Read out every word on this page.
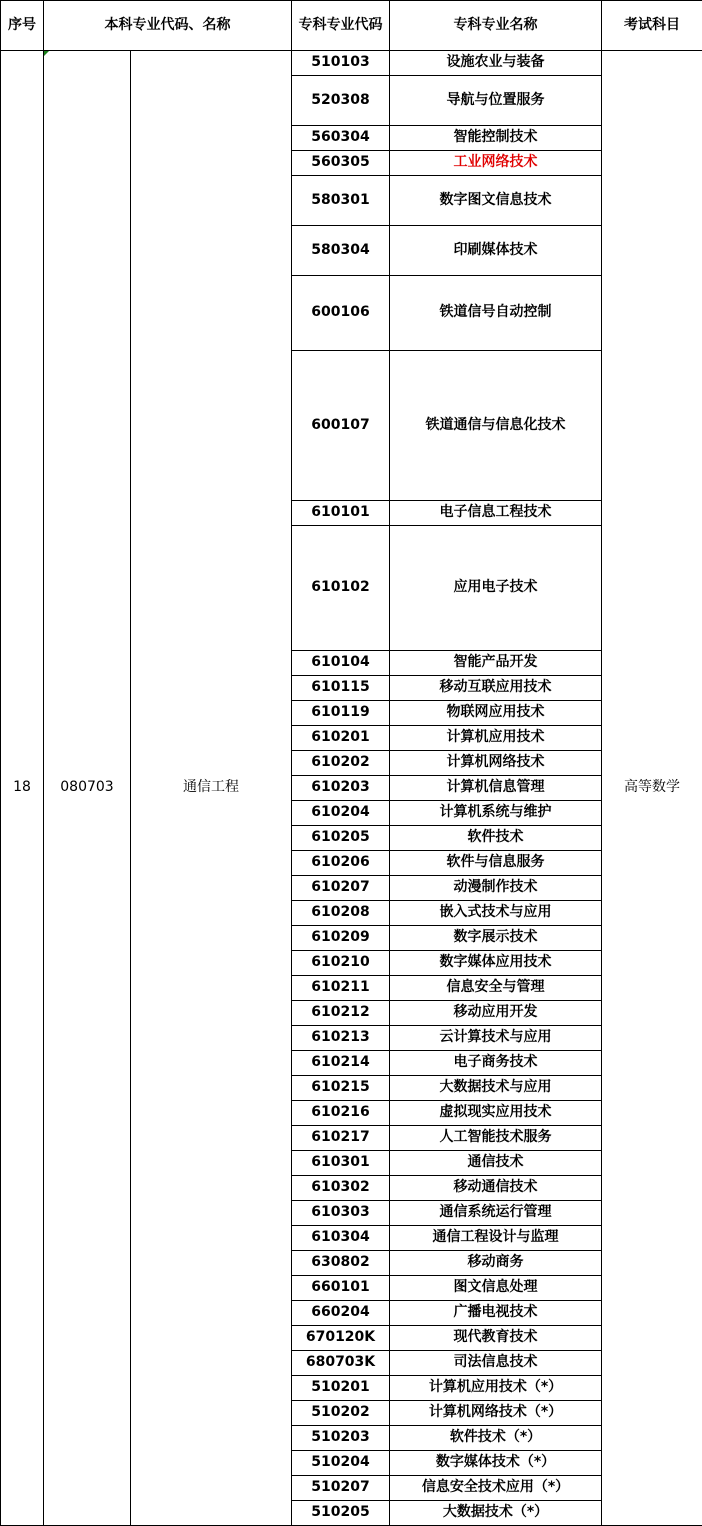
序号	本科专业代码、名称		专科专业代码	专科专业名称	考试科目
18	080703	通信工程	510103	设施农业与装备	高等数学
			520308	导航与位置服务	
			560304	智能控制技术	
			560305	工业网络技术	
			580301	数字图文信息技术	
			580304	印刷媒体技术	
			600106	铁道信号自动控制	
			600107	铁道通信与信息化技术	
			610101	电子信息工程技术	
			610102	应用电子技术	
			610104	智能产品开发	
			610115	移动互联应用技术	
			610119	物联网应用技术	
			610201	计算机应用技术	
			610202	计算机网络技术	
			610203	计算机信息管理	
			610204	计算机系统与维护	
			610205	软件技术	
			610206	软件与信息服务	
			610207	动漫制作技术	
			610208	嵌入式技术与应用	
			610209	数字展示技术	
			610210	数字媒体应用技术	
			610211	信息安全与管理	
			610212	移动应用开发	
			610213	云计算技术与应用	
			610214	电子商务技术	
			610215	大数据技术与应用	
			610216	虚拟现实应用技术	
			610217	人工智能技术服务	
			610301	通信技术	
			610302	移动通信技术	
			610303	通信系统运行管理	
			610304	通信工程设计与监理	
			630802	移动商务	
			660101	图文信息处理	
			660204	广播电视技术	
			670120K	现代教育技术	
			680703K	司法信息技术	
			510201	计算机应用技术（*）	
			510202	计算机网络技术（*）	
			510203	软件技术（*）	
			510204	数字媒体技术（*）	
			510207	信息安全技术应用（*）	
			510205	大数据技术（*）	
